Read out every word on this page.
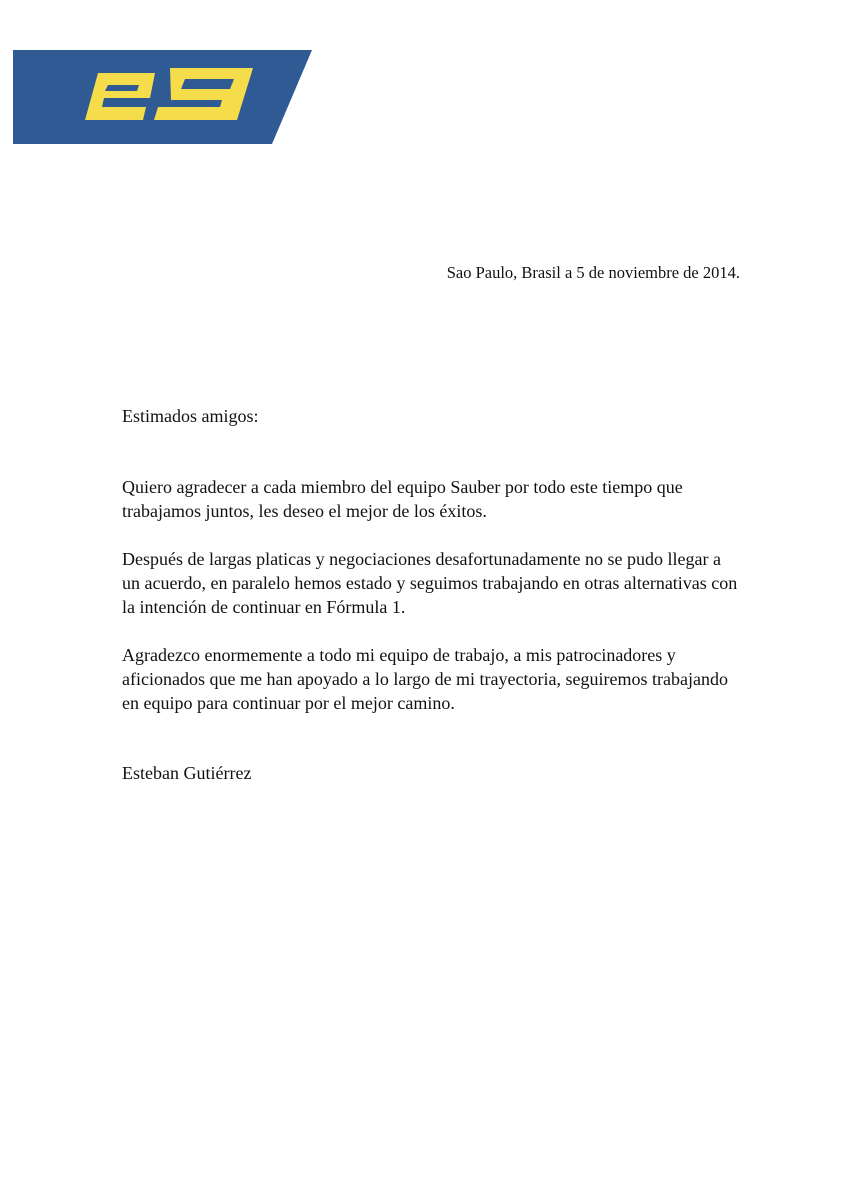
Sao Paulo, Brasil a 5 de noviembre de 2014.

Estimados amigos:

Quiero agradecer a cada miembro del equipo Sauber por todo este tiempo que trabajamos juntos, les deseo el mejor de los éxitos.

Después de largas platicas y negociaciones desafortunadamente no se pudo llegar a un acuerdo, en paralelo hemos estado y seguimos trabajando en otras alternativas con la intención de continuar en Fórmula 1.

Agradezco enormemente a todo mi equipo de trabajo, a mis patrocinadores y aficionados que me han apoyado a lo largo de mi trayectoria, seguiremos trabajando en equipo para continuar por el mejor camino.

Esteban Gutiérrez
